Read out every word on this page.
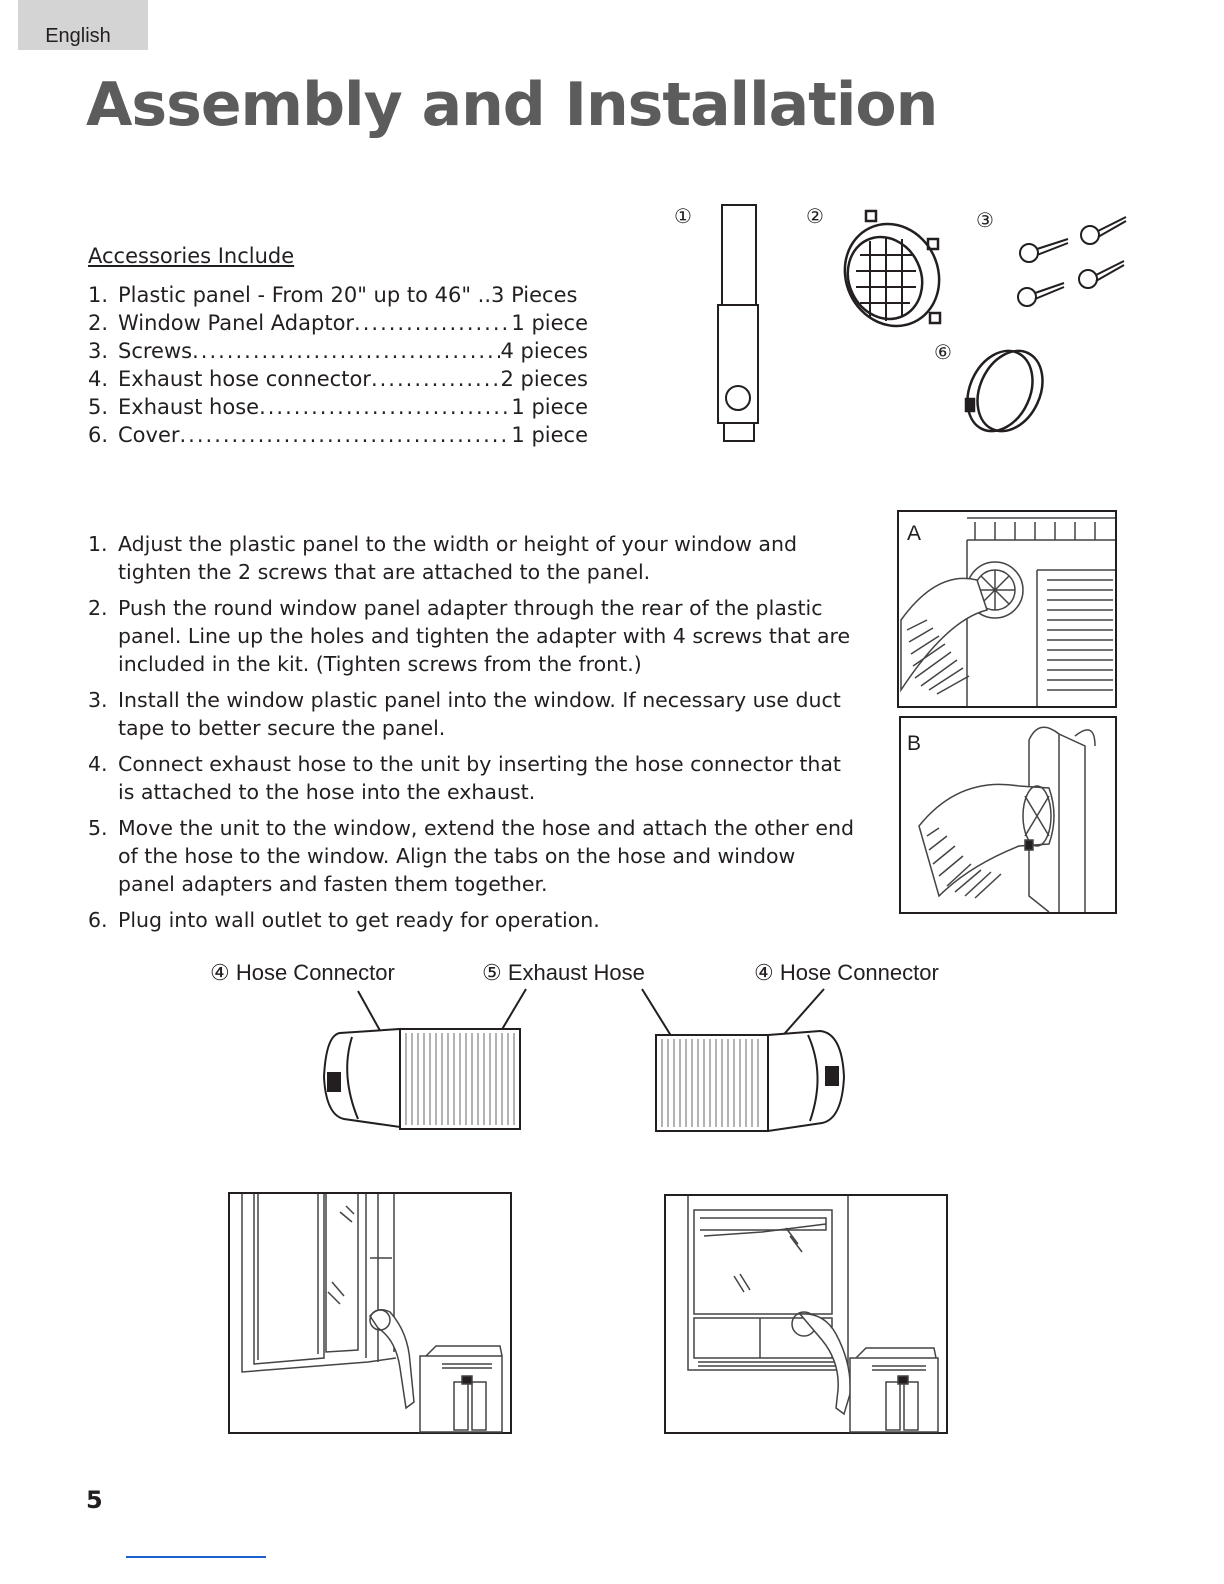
English
Assembly and Installation

Accessories Include

1. Plastic panel - From 20" up to 46" .. 3 Pieces
2. Window Panel Adaptor .....	1 piece
3. Screws .....	4 pieces
4. Exhaust hose connector .....	2 pieces
5. Exhaust hose .....	1 piece
6. Cover .....	1 piece
①	②	③
⑥
1. Adjust the plastic panel to the width or height of your window and tighten the 2 screws that are attached to the panel.
2. Push the round window panel adapter through the rear of the plastic panel. Line up the holes and tighten the adapter with 4 screws that are included in the kit. (Tighten screws from the front.)
3. Install the window plastic panel into the window. If necessary use duct tape to better secure the panel.
4. Connect exhaust hose to the unit by inserting the hose connector that is attached to the hose into the exhaust.
5. Move the unit to the window, extend the hose and attach the other end of the hose to the window. Align the tabs on the hose and window panel adapters and fasten them together.
6. Plug into wall outlet to get ready for operation.
A
B
④ Hose Connector	⑤ Exhaust Hose	④ Hose Connector

5
